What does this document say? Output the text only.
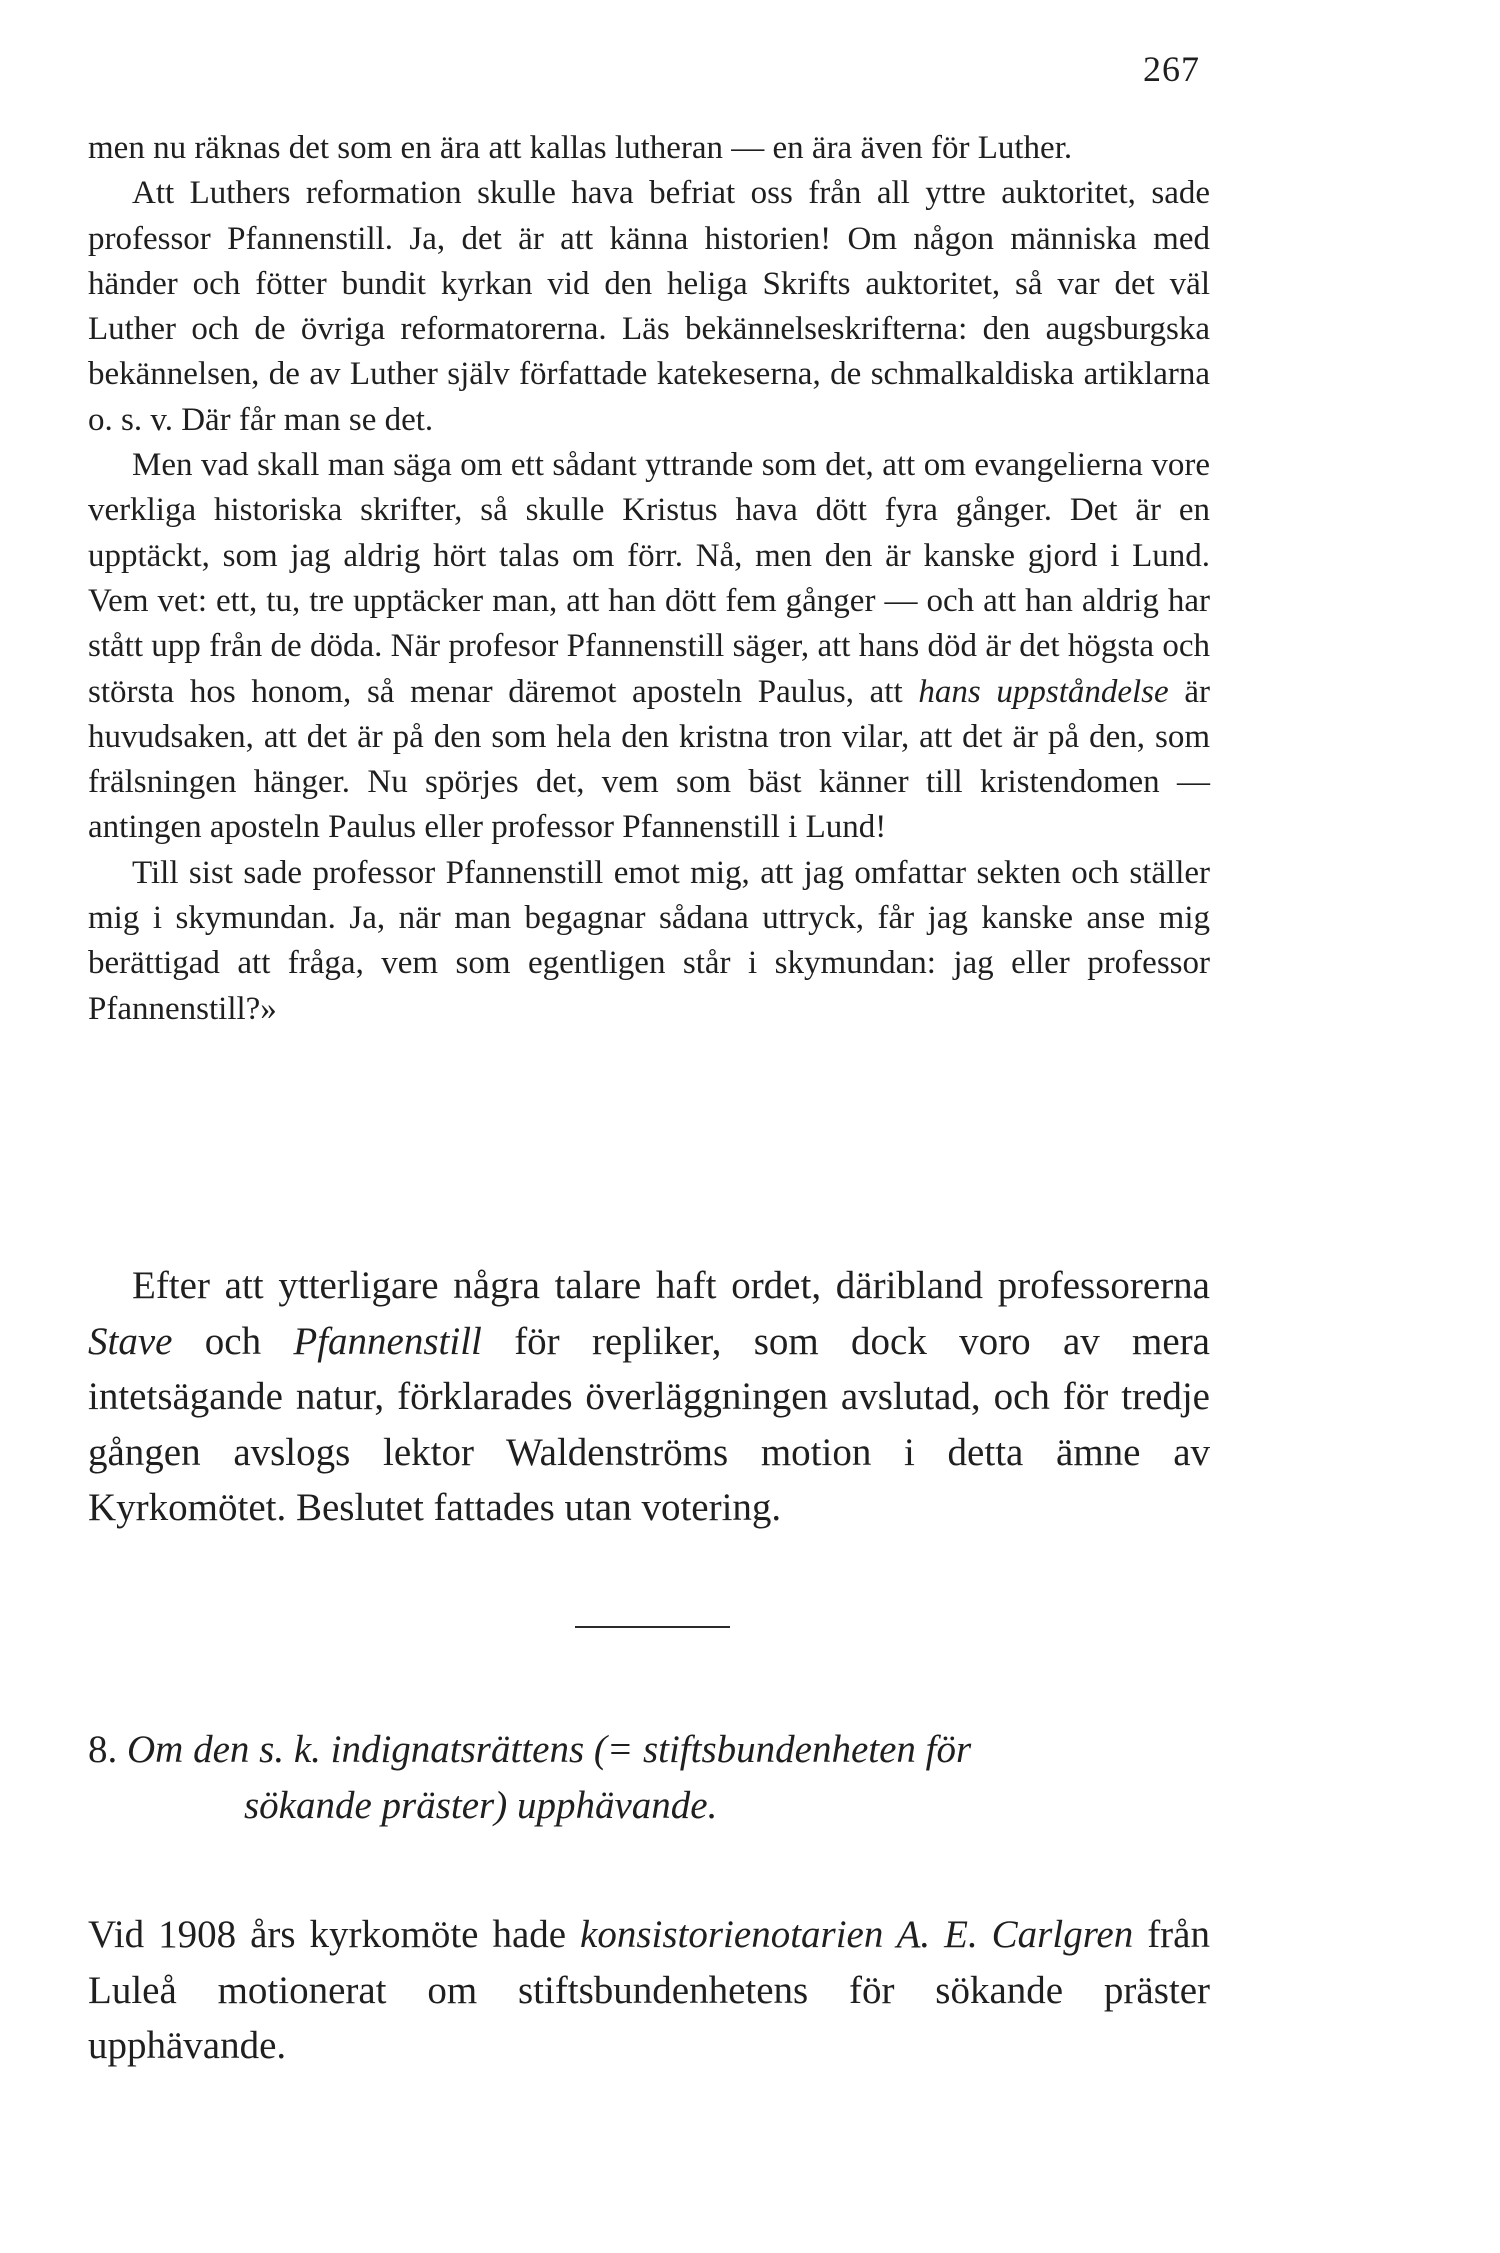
267

men nu räknas det som en ära att kallas lutheran — en ära även för Luther.

Att Luthers reformation skulle hava befriat oss från all yttre auktoritet, sade professor Pfannenstill. Ja, det är att känna historien! Om någon människa med händer och fötter bundit kyrkan vid den heliga Skrifts auktoritet, så var det väl Luther och de övriga reformatorerna. Läs bekännelseskrifterna: den augsburgska bekännelsen, de av Luther själv författade katekeserna, de schmalkaldiska artiklarna o. s. v. Där får man se det.

Men vad skall man säga om ett sådant yttrande som det, att om evangelierna vore verkliga historiska skrifter, så skulle Kristus hava dött fyra gånger. Det är en upptäckt, som jag aldrig hört talas om förr. Nå, men den är kanske gjord i Lund. Vem vet: ett, tu, tre upptäcker man, att han dött fem gånger — och att han aldrig har stått upp från de döda. När profesor Pfannenstill säger, att hans död är det högsta och största hos honom, så menar däremot aposteln Paulus, att hans uppståndelse är huvudsaken, att det är på den som hela den kristna tron vilar, att det är på den, som frälsningen hänger. Nu spörjes det, vem som bäst känner till kristendomen — antingen aposteln Paulus eller professor Pfannenstill i Lund!

Till sist sade professor Pfannenstill emot mig, att jag omfattar sekten och ställer mig i skymundan. Ja, när man begagnar sådana uttryck, får jag kanske anse mig berättigad att fråga, vem som egentligen står i skymundan: jag eller professor Pfannenstill?»

Efter att ytterligare några talare haft ordet, däribland professorerna Stave och Pfannenstill för repliker, som dock voro av mera intetsägande natur, förklarades överläggningen avslutad, och för tredje gången avslogs lektor Waldenströms motion i detta ämne av Kyrkomötet. Beslutet fattades utan votering.

8. Om den s. k. indignatsrättens (= stiftsbundenheten för
sökande präster) upphävande.

Vid 1908 års kyrkomöte hade konsistorienotarien A. E. Carlgren från Luleå motionerat om stiftsbundenhetens för sökande präster upphävande.
